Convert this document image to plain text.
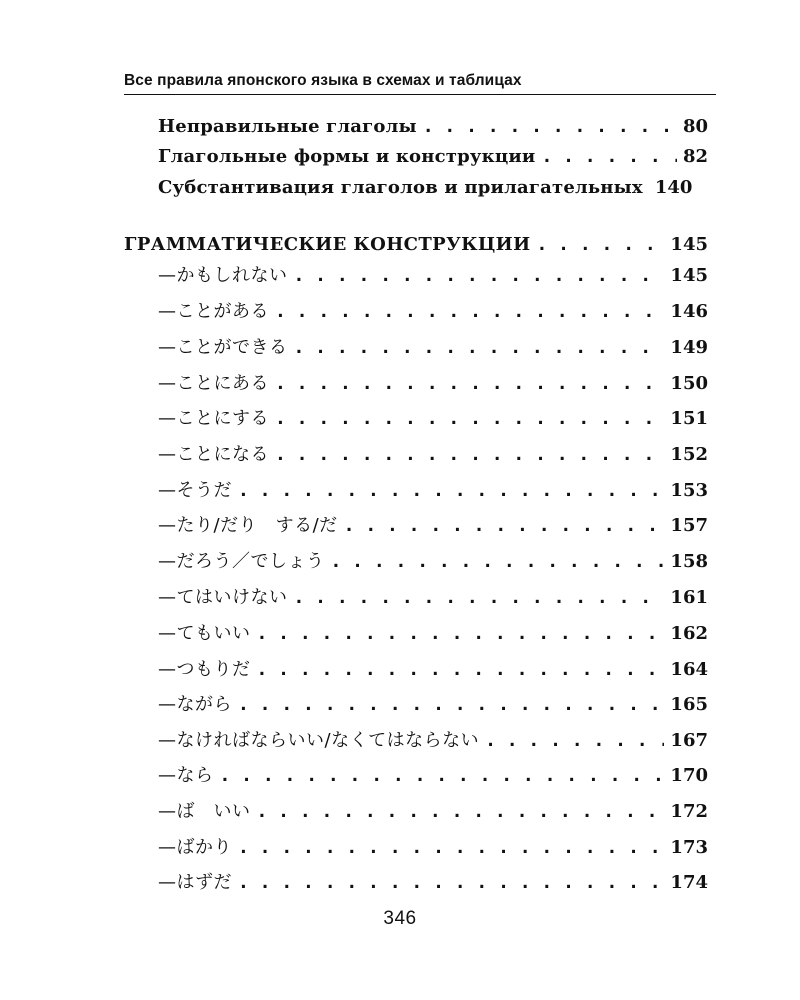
Все правила японского языка в схемах и таблицах
Неправильные глаголы . . .	80
Глагольные формы и конструкции . . .	82
Субстантивация глаголов и прилагательных 140
ГРАММАТИЧЕСКИЕ КОНСТРУКЦИИ . . .	145
—かもしれない . . .	145
—ことがある . . .	146
—ことができる . . .	149
—ことにある . . .	150
—ことにする . . .	151
—ことになる . . .	152
—そうだ . . .	153
—たり/だり　する/だ . . .	157
—だろう／でしょう . . .	158
—てはいけない . . .	161
—てもいい . . .	162
—つもりだ . . .	164
—ながら . . .	165
—なければならいい/なくてはならない . . .	167
—なら . . .	170
—ば　いい . . .	172
—ばかり . . .	173
—はずだ . . .	174
346
